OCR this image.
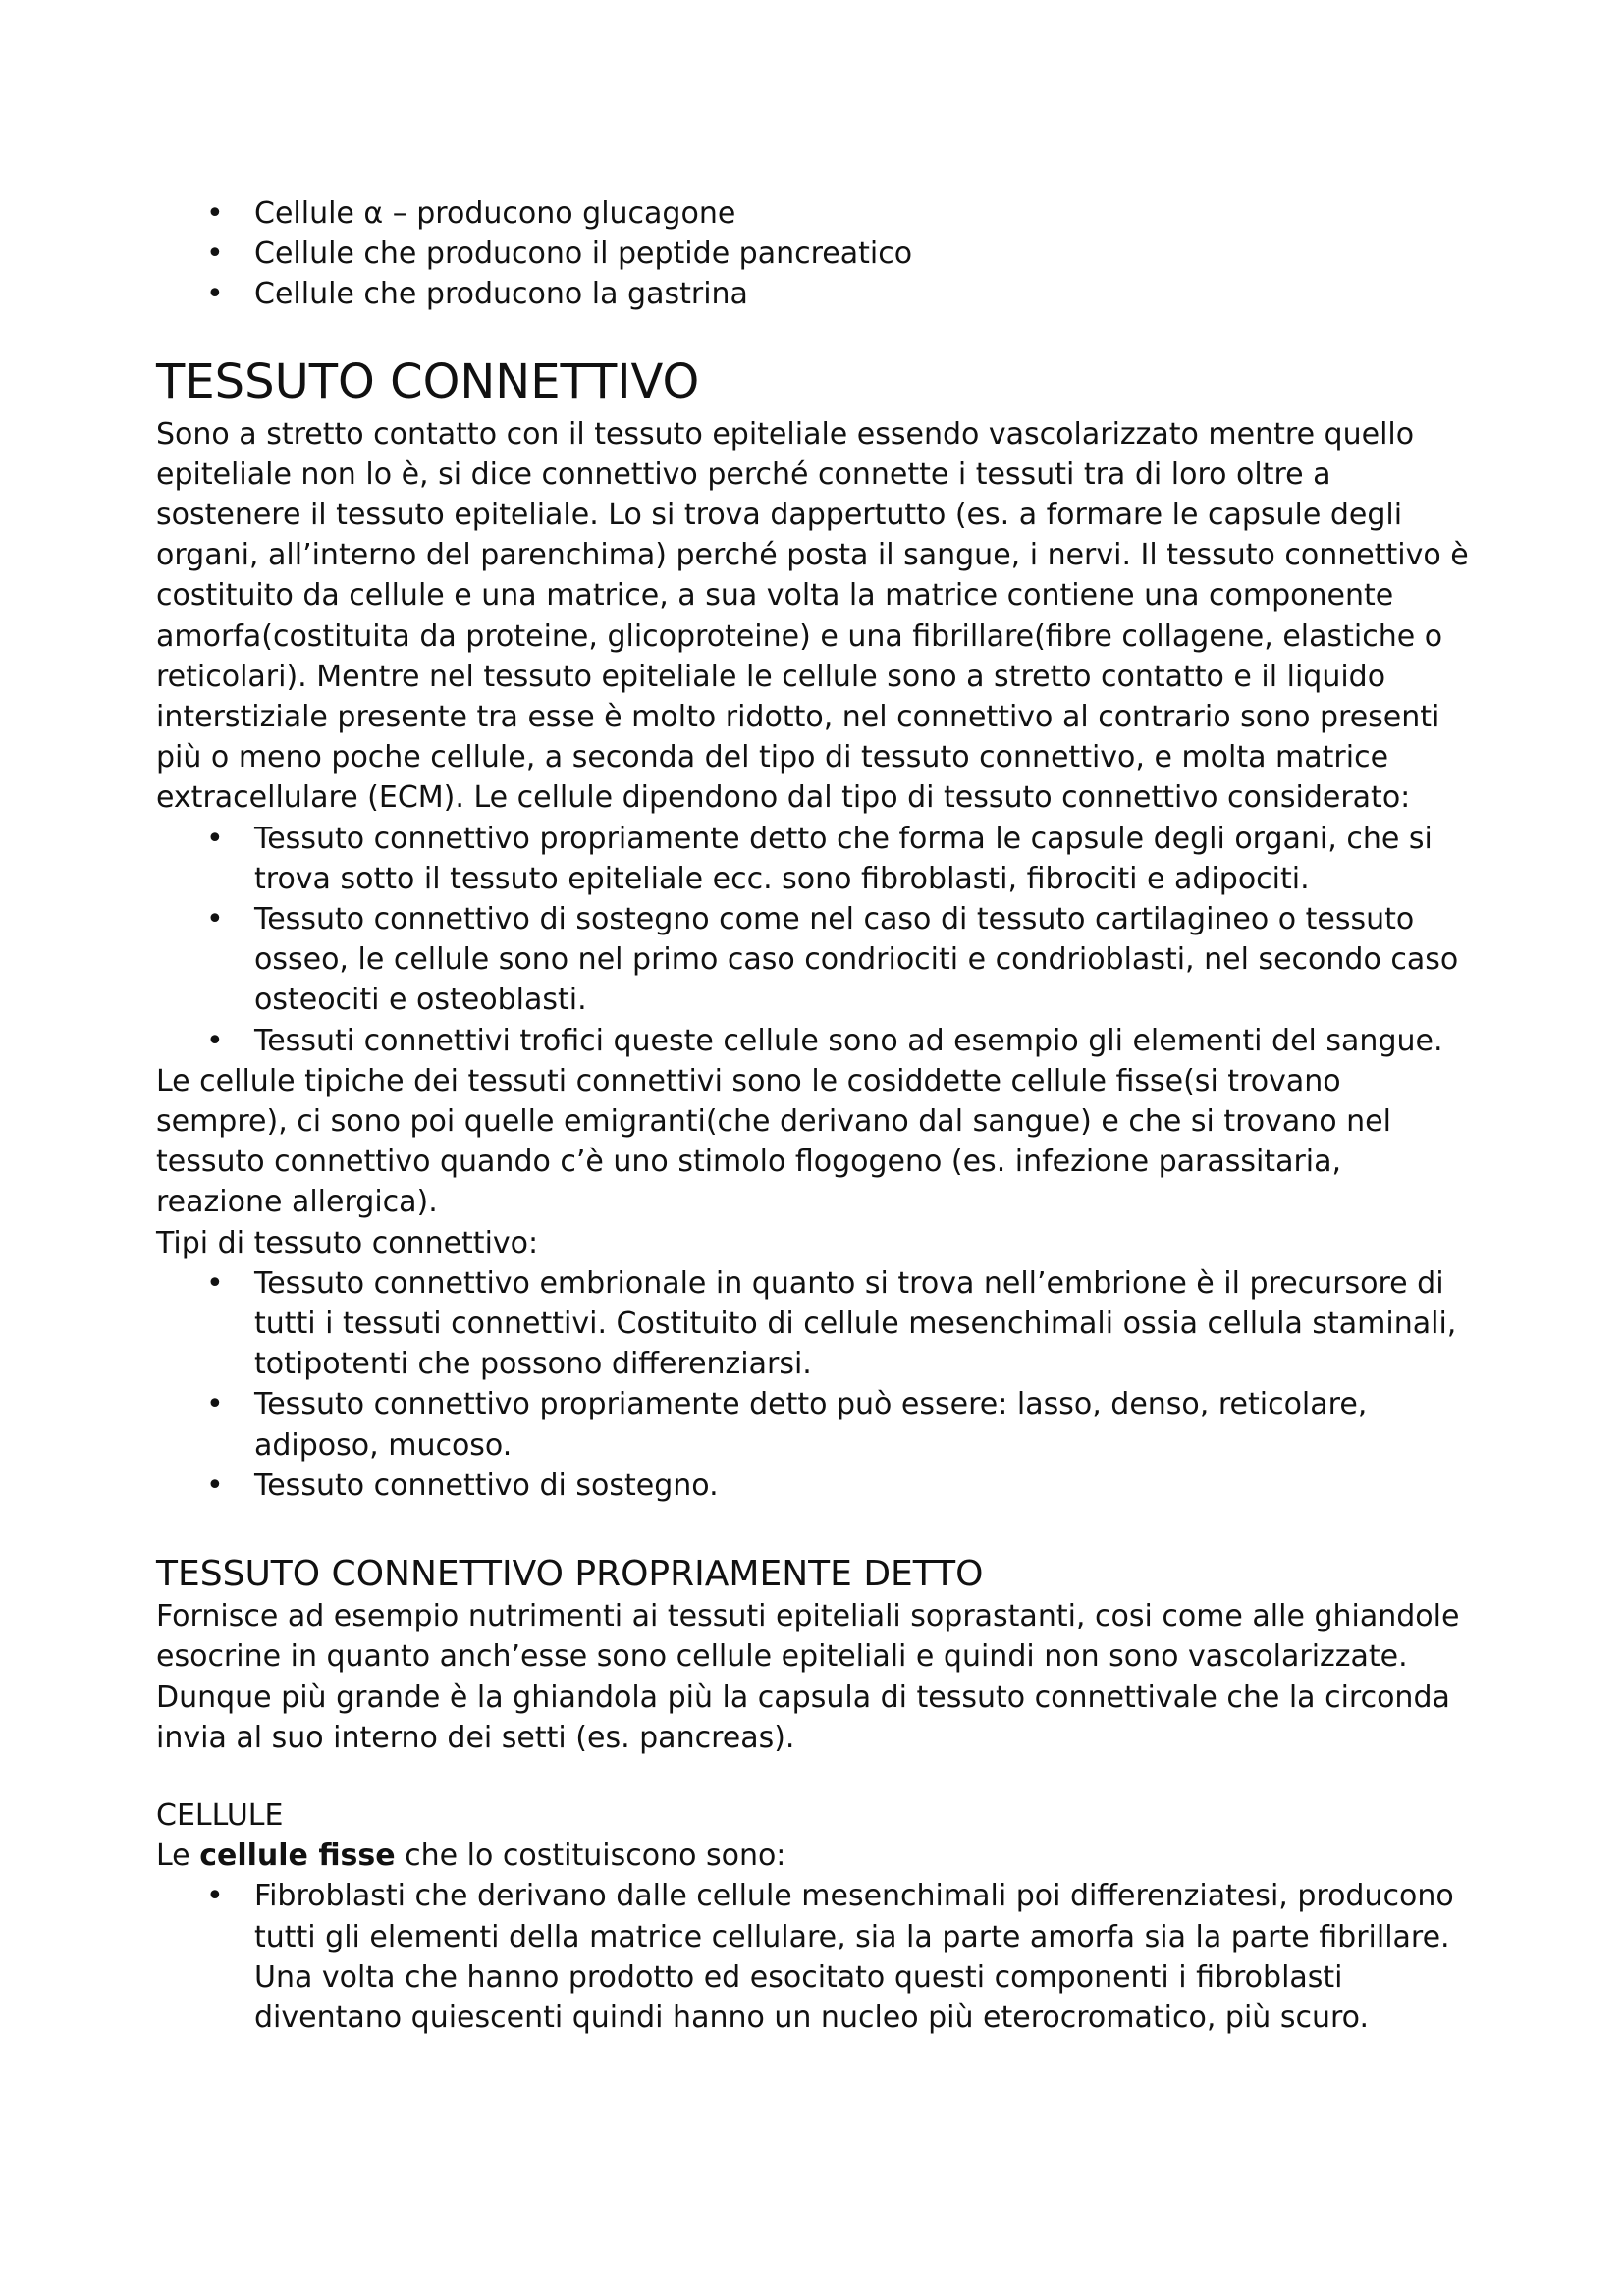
• Cellule α – producono glucagone
• Cellule che producono il peptide pancreatico
• Cellule che producono la gastrina
TESSUTO CONNETTIVO

Sono a stretto contatto con il tessuto epiteliale essendo vascolarizzato mentre quello epiteliale non lo è, si dice connettivo perché connette i tessuti tra di loro oltre a sostenere il tessuto epiteliale. Lo si trova dappertutto (es. a formare le capsule degli organi, all’interno del parenchima) perché posta il sangue, i nervi. Il tessuto connettivo è costituito da cellule e una matrice, a sua volta la matrice contiene una componente amorfa(costituita da proteine, glicoproteine) e una fibrillare(fibre collagene, elastiche o reticolari). Mentre nel tessuto epiteliale le cellule sono a stretto contatto e il liquido interstiziale presente tra esse è molto ridotto, nel connettivo al contrario sono presenti più o meno poche cellule, a seconda del tipo di tessuto connettivo, e molta matrice extracellulare (ECM). Le cellule dipendono dal tipo di tessuto connettivo considerato:

• Tessuto connettivo propriamente detto che forma le capsule degli organi, che si trova sotto il tessuto epiteliale ecc. sono fibroblasti, fibrociti e adipociti.
• Tessuto connettivo di sostegno come nel caso di tessuto cartilagineo o tessuto osseo, le cellule sono nel primo caso condriociti e condrioblasti, nel secondo caso osteociti e osteoblasti.
• Tessuti connettivi trofici queste cellule sono ad esempio gli elementi del sangue.

Le cellule tipiche dei tessuti connettivi sono le cosiddette cellule fisse(si trovano sempre), ci sono poi quelle emigranti(che derivano dal sangue) e che si trovano nel tessuto connettivo quando c’è uno stimolo flogogeno (es. infezione parassitaria, reazione allergica).

Tipi di tessuto connettivo:

• Tessuto connettivo embrionale in quanto si trova nell’embrione è il precursore di tutti i tessuti connettivi. Costituito di cellule mesenchimali ossia cellula staminali, totipotenti che possono differenziarsi.
• Tessuto connettivo propriamente detto può essere: lasso, denso, reticolare, adiposo, mucoso.
• Tessuto connettivo di sostegno.
TESSUTO CONNETTIVO PROPRIAMENTE DETTO

Fornisce ad esempio nutrimenti ai tessuti epiteliali soprastanti, cosi come alle ghiandole esocrine in quanto anch’esse sono cellule epiteliali e quindi non sono vascolarizzate. Dunque più grande è la ghiandola più la capsula di tessuto connettivale che la circonda invia al suo interno dei setti (es. pancreas).

CELLULE

Le cellule fisse che lo costituiscono sono:

• Fibroblasti che derivano dalle cellule mesenchimali poi differenziatesi, producono tutti gli elementi della matrice cellulare, sia la parte amorfa sia la parte fibrillare. Una volta che hanno prodotto ed esocitato questi componenti i fibroblasti diventano quiescenti quindi hanno un nucleo più eterocromatico, più scuro.
